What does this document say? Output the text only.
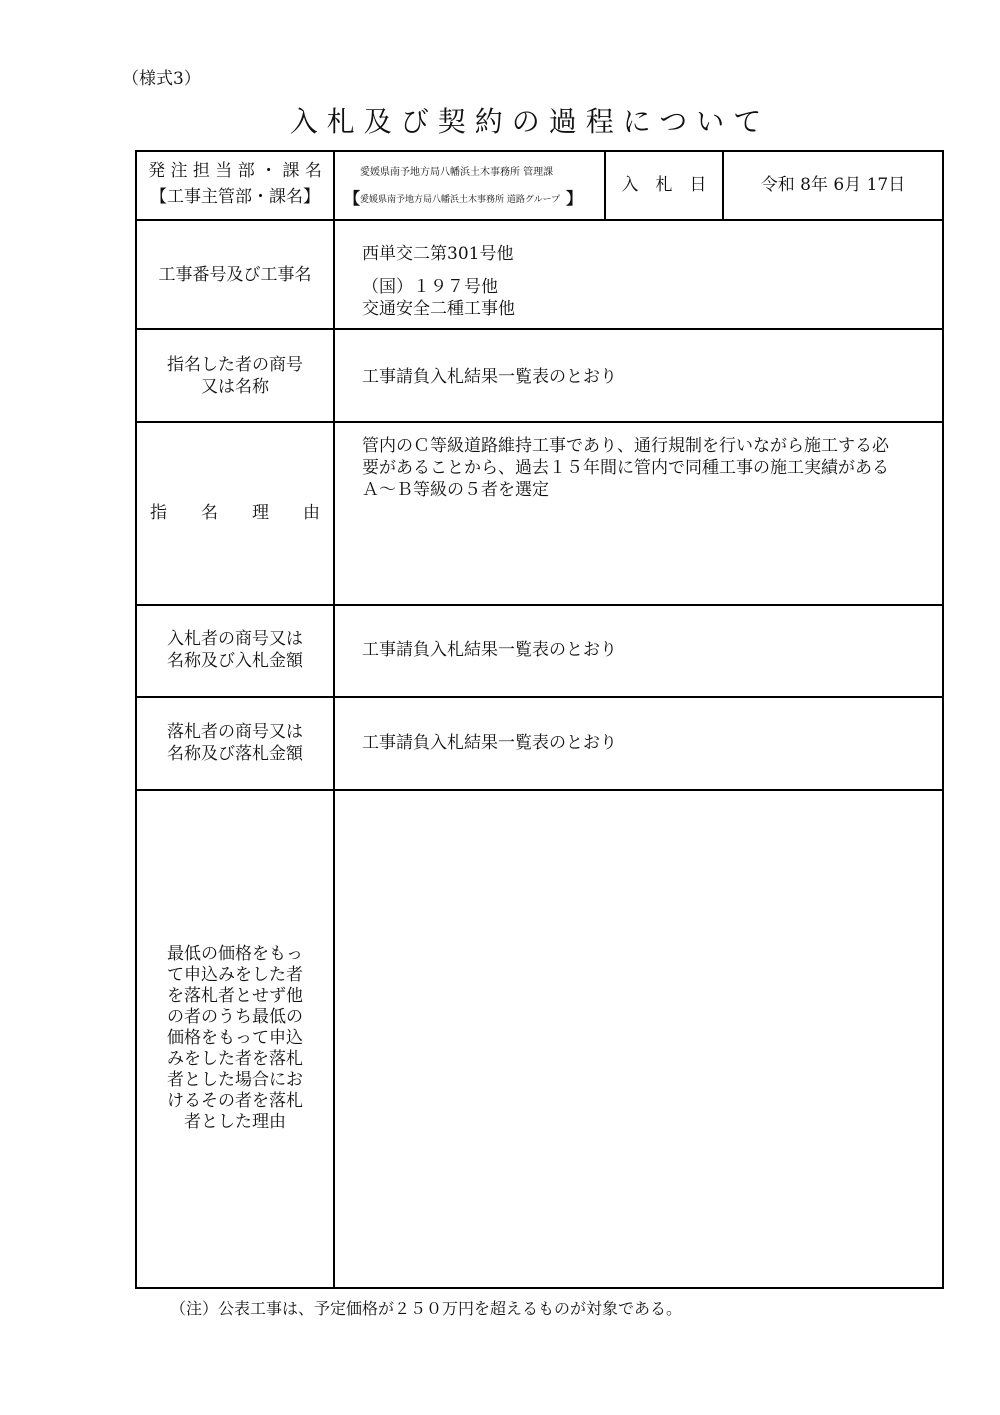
（様式3）
入札及び契約の過程について
発 注 担 当 部 ・ 課 名
【工事主管部・課名】
愛媛県南予地方局八幡浜土木事務所 管理課
【愛媛県南予地方局八幡浜土木事務所 道路グループ 】
入　札　日	令和 8年 6月 17日
工事番号及び工事名
西単交二第301号他
（国）１９７号他
交通安全二種工事他
指名した者の商号
又は名称	工事請負入札結果一覧表のとおり
指　　名　　理　　由
管内のＣ等級道路維持工事であり、通行規制を行いながら施工する必
要があることから、過去１５年間に管内で同種工事の施工実績がある
Ａ～Ｂ等級の５者を選定
入札者の商号又は
名称及び入札金額
工事請負入札結果一覧表のとおり
落札者の商号又は
名称及び落札金額
工事請負入札結果一覧表のとおり
最低の価格をもっ
て申込みをした者
を落札者とせず他
の者のうち最低の
価格をもって申込
みをした者を落札
者とした場合にお
けるその者を落札
者とした理由
（注）公表工事は、予定価格が２５０万円を超えるものが対象である。
